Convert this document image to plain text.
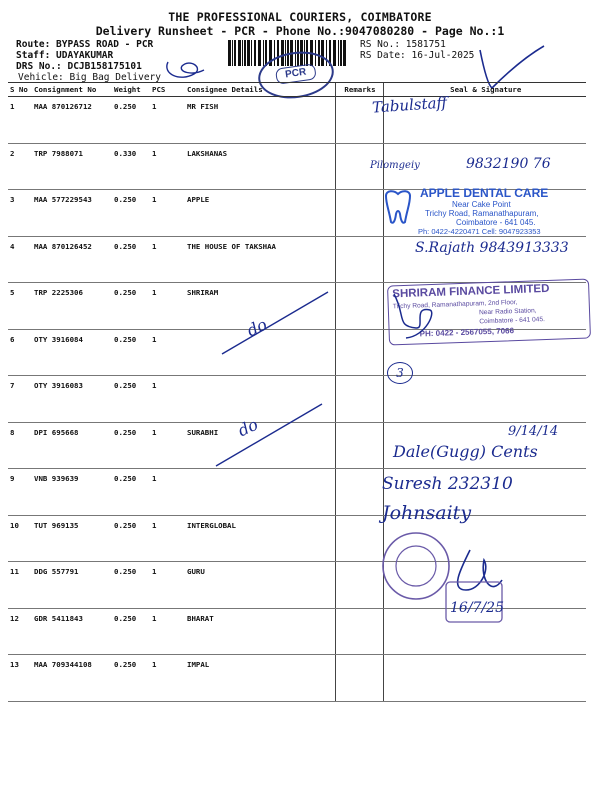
THE PROFESSIONAL COURIERS, COIMBATORE
Delivery Runsheet - PCR - Phone No.:9047080280 - Page No.:1
Route: BYPASS ROAD - PCR
Staff: UDAYAKUMAR
DRS No.: DCJB158175101
Vehicle: Big Bag Delivery
RS No.: 1581751
RS Date: 16-Jul-2025
PCR
S No	Consignment No	Weight	PCS	Consignee Details	Remarks	Seal & Signature
1	MAA 870126712	0.250	1	MR FISH		
2	TRP 7988071	0.330	1	LAKSHANAS		
3	MAA 577229543	0.250	1	APPLE		
4	MAA 870126452	0.250	1	THE HOUSE OF TAKSHAA		
5	TRP 2225306	0.250	1	SHRIRAM		
6	OTY 3916084	0.250	1			
7	OTY 3916083	0.250	1			
8	DPI 695668	0.250	1	SURABHI		
9	VNB 939639	0.250	1			
10	TUT 969135	0.250	1	INTERGLOBAL		
11	DDG 557791	0.250	1	GURU		
12	GDR 5411843	0.250	1	BHARAT		
13	MAA 709344108	0.250	1	IMPAL		
Tabulstaff
Pilomgeiy	9832190 76
APPLE DENTAL CARE
Near Cake Point
Trichy Road, Ramanathapuram,
Coimbatore - 641 045.
Ph: 0422-4220471 Cell: 9047923353
S.Rajath 9843913333
SHRIRAM FINANCE LIMITED
Trichy Road, Ramanathapuram, 2nd Floor,
Near Radio Station,
Coimbatore - 641 045.
PH: 0422 - 2567055, 7066
do
do
3
9/14/14
Dale(Gugg) Cents
Suresh 232310
Johnsaity
16/7/25
